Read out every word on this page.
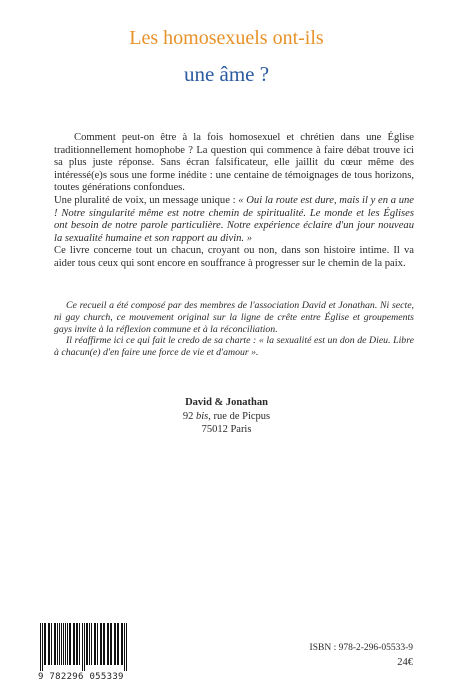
Les homosexuels ont-ils
une âme ?

Comment peut-on être à la fois homosexuel et chrétien dans une Église traditionnellement homophobe ? La question qui commence à faire débat trouve ici sa plus juste réponse. Sans écran falsificateur, elle jaillit du cœur même des intéressé(e)s sous une forme inédite : une centaine de témoignages de tous horizons, toutes générations confondues.

Une pluralité de voix, un message unique : « Oui la route est dure, mais il y en a une ! Notre singularité même est notre chemin de spiritualité. Le monde et les Églises ont besoin de notre parole particulière. Notre expérience éclaire d'un jour nouveau la sexualité humaine et son rapport au divin. »

Ce livre concerne tout un chacun, croyant ou non, dans son histoire intime. Il va aider tous ceux qui sont encore en souffrance à progresser sur le chemin de la paix.

Ce recueil a été composé par des membres de l'association David et Jonathan. Ni secte, ni gay church, ce mouvement original sur la ligne de crête entre Église et groupements gays invite à la réflexion commune et à la réconciliation.

Il réaffirme ici ce qui fait le credo de sa charte : « la sexualité est un don de Dieu. Libre à chacun(e) d'en faire une force de vie et d'amour ».

David & Jonathan
92 bis, rue de Picpus
75012 Paris
9 782296 055339
ISBN : 978-2-296-05533-9
24€
